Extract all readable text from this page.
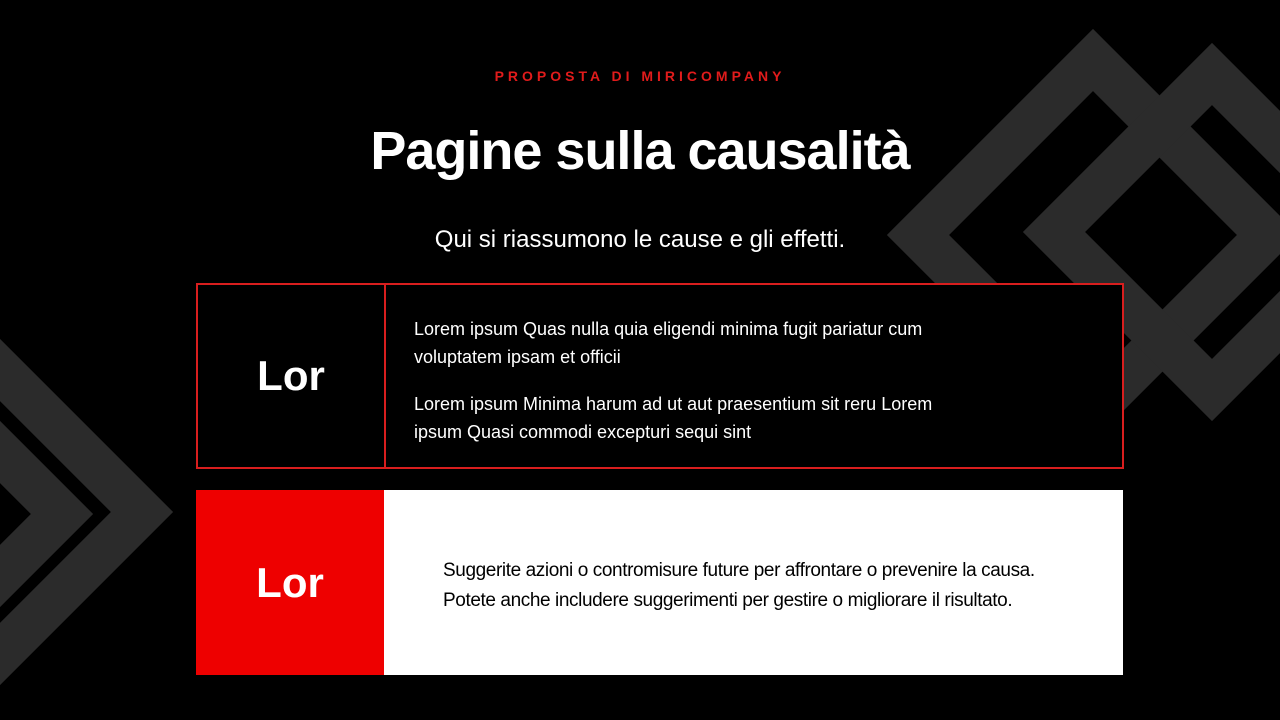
PROPOSTA DI MIRICOMPANY
Pagine sulla causalità
Qui si riassumono le cause e gli effetti.
Lor

Lorem ipsum Quas nulla quia eligendi minima fugit pariatur cum voluptatem ipsam et officii

Lorem ipsum Minima harum ad ut aut praesentium sit reru Lorem ipsum Quasi commodi excepturi sequi sint

Lor	Suggerite azioni o contromisure future per affrontare o prevenire la causa.
Potete anche includere suggerimenti per gestire o migliorare il risultato.
